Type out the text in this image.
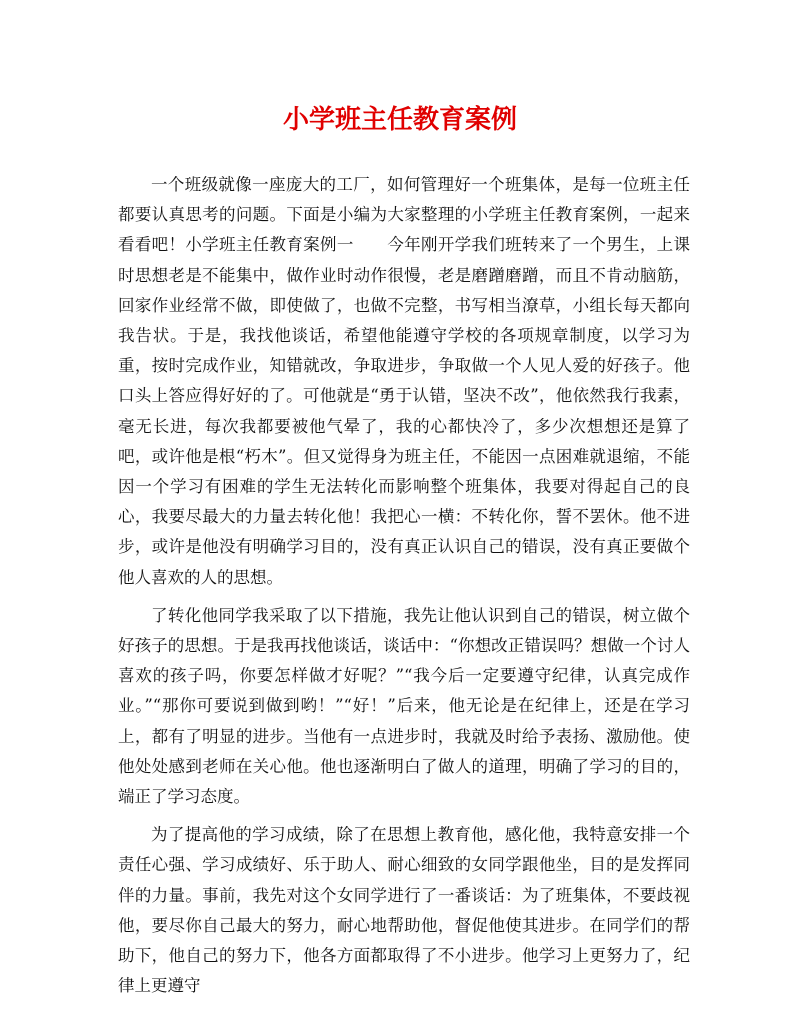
小学班主任教育案例

一个班级就像一座庞大的工厂，如何管理好一个班集体，是每一位班主任都要认真思考的问题。下面是小编为大家整理的小学班主任教育案例，一起来看看吧！小学班主任教育案例一　　今年刚开学我们班转来了一个男生，上课时思想老是不能集中，做作业时动作很慢，老是磨蹭磨蹭，而且不肯动脑筋，回家作业经常不做，即使做了，也做不完整，书写相当潦草，小组长每天都向我告状。于是，我找他谈话，希望他能遵守学校的各项规章制度，以学习为重，按时完成作业，知错就改，争取进步，争取做一个人见人爱的好孩子。他口头上答应得好好的了。可他就是“勇于认错，坚决不改”，他依然我行我素，毫无长进，每次我都要被他气晕了，我的心都快冷了，多少次想想还是算了吧，或许他是根“朽木”。但又觉得身为班主任，不能因一点困难就退缩，不能因一个学习有困难的学生无法转化而影响整个班集体，我要对得起自己的良心，我要尽最大的力量去转化他！我把心一横：不转化你，誓不罢休。他不进步，或许是他没有明确学习目的，没有真正认识自己的错误，没有真正要做个他人喜欢的人的思想。

了转化他同学我采取了以下措施，我先让他认识到自己的错误，树立做个好孩子的思想。于是我再找他谈话，谈话中：“你想改正错误吗？想做一个讨人喜欢的孩子吗，你要怎样做才好呢？”“我今后一定要遵守纪律，认真完成作业。”“那你可要说到做到哟！”“好！”后来，他无论是在纪律上，还是在学习上，都有了明显的进步。当他有一点进步时，我就及时给予表扬、激励他。使他处处感到老师在关心他。他也逐渐明白了做人的道理，明确了学习的目的，端正了学习态度。

为了提高他的学习成绩，除了在思想上教育他，感化他，我特意安排一个责任心强、学习成绩好、乐于助人、耐心细致的女同学跟他坐，目的是发挥同伴的力量。事前，我先对这个女同学进行了一番谈话：为了班集体，不要歧视他，要尽你自己最大的努力，耐心地帮助他，督促他使其进步。在同学们的帮助下，他自己的努力下，他各方面都取得了不小进步。他学习上更努力了，纪律上更遵守
